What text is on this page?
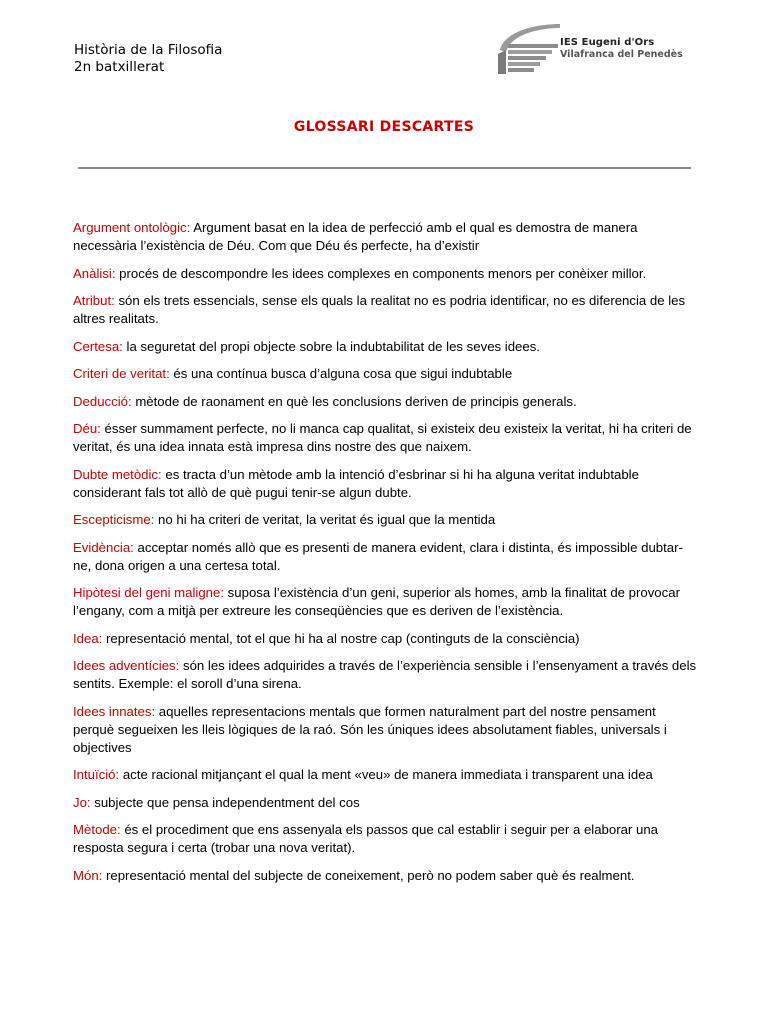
Història de la Filosofia
2n batxillerat
IES Eugeni d'Ors
Vilafranca del Penedès
GLOSSARI DESCARTES
Argument ontològic: Argument basat en la idea de perfecció amb el qual es demostra de manera necessària l’existència de Déu. Com que Déu és perfecte, ha d’existir
Anàlisi: procés de descompondre les idees complexes en components menors per conèixer millor.
Atribut: són els trets essencials, sense els quals la realitat no es podria identificar, no es diferencia de les altres realitats.
Certesa: la seguretat del propi objecte sobre la indubtabilitat de les seves idees.
Criteri de veritat: és una contínua busca d’alguna cosa que sigui indubtable
Deducció: mètode de raonament en què les conclusions deriven de principis generals.
Déu: ésser summament perfecte, no li manca cap qualitat, si existeix deu existeix la veritat, hi ha criteri de veritat, és una idea innata està impresa dins nostre des que naixem.
Dubte metòdic: es tracta d’un mètode amb la intenció d’esbrinar si hi ha alguna veritat indubtable considerant fals tot allò de què pugui tenir-se algun dubte.
Escepticisme: no hi ha criteri de veritat, la veritat és igual que la mentida
Evidència: acceptar només allò que es presenti de manera evident, clara i distinta, és impossible dubtar-ne, dona origen a una certesa total.
Hipòtesi del geni maligne: suposa l’existència d’un geni, superior als homes, amb la finalitat de provocar l’engany, com a mitjà per extreure les conseqüències que es deriven de l’existència.
Idea: representació mental, tot el que hi ha al nostre cap (continguts de la consciència)
Idees adventícies: són les idees adquirides a través de l’experiència sensible i l’ensenyament a través dels sentits. Exemple: el soroll d’una sirena.
Idees innates: aquelles representacions mentals que formen naturalment part del nostre pensament perquè segueixen les lleis lògiques de la raó. Són les úniques idees absolutament fiables, universals i objectives
Intuïció: acte racional mitjançant el qual la ment «veu» de manera immediata i transparent una idea
Jo: subjecte que pensa independentment del cos
Mètode: és el procediment que ens assenyala els passos que cal establir i seguir per a elaborar una resposta segura i certa (trobar una nova veritat).
Món: representació mental del subjecte de coneixement, però no podem saber què és realment.
